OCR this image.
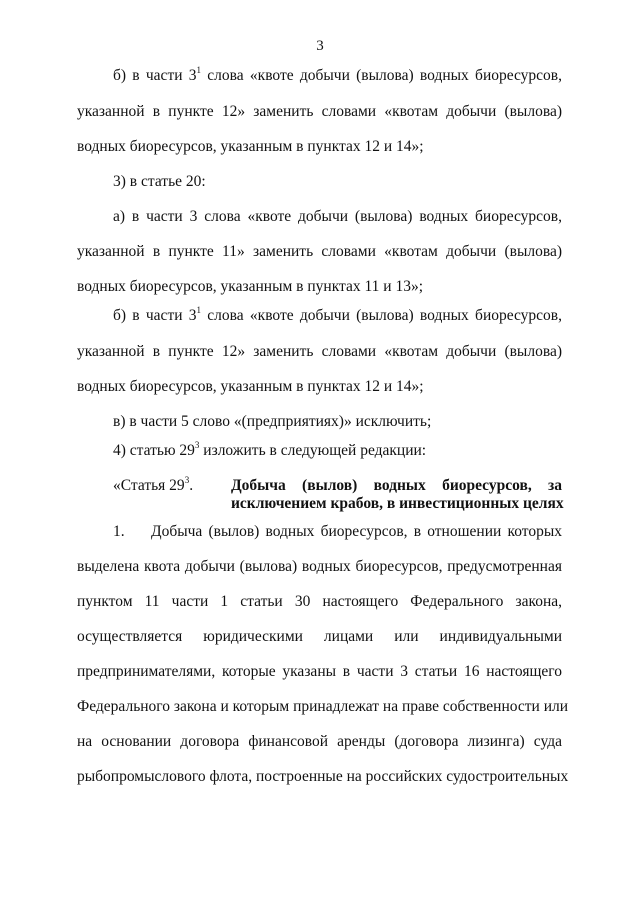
3
б) в части $3^1$ слова «квоте добычи (вылова) водных биоресурсов,
указанной в пункте 12» заменить словами «квотам добычи (вылова)
водных биоресурсов, указанным в пунктах 12 и 14»;
3) в статье 20:
а) в части 3 слова «квоте добычи (вылова) водных биоресурсов,
указанной в пункте 11» заменить словами «квотам добычи (вылова)
водных биоресурсов, указанным в пунктах 11 и 13»;
б) в части $3^1$ слова «квоте добычи (вылова) водных биоресурсов,
указанной в пункте 12» заменить словами «квотам добычи (вылова)
водных биоресурсов, указанным в пунктах 12 и 14»;
в) в части 5 слово «(предприятиях)» исключить;
4) статью $29^3$ изложить в следующей редакции:
«Статья $29^3$. Добыча (вылов) водных биоресурсов, за
исключением крабов, в инвестиционных целях
1. Добыча (вылов) водных биоресурсов, в отношении которых
выделена квота добычи (вылова) водных биоресурсов, предусмотренная
пунктом 11 части 1 статьи 30 настоящего Федерального закона,
осуществляется юридическими лицами или индивидуальными
предпринимателями, которые указаны в части 3 статьи 16 настоящего
Федерального закона и которым принадлежат на праве собственности или
на основании договора финансовой аренды (договора лизинга) суда
рыбопромыслового флота, построенные на российских судостроительных
